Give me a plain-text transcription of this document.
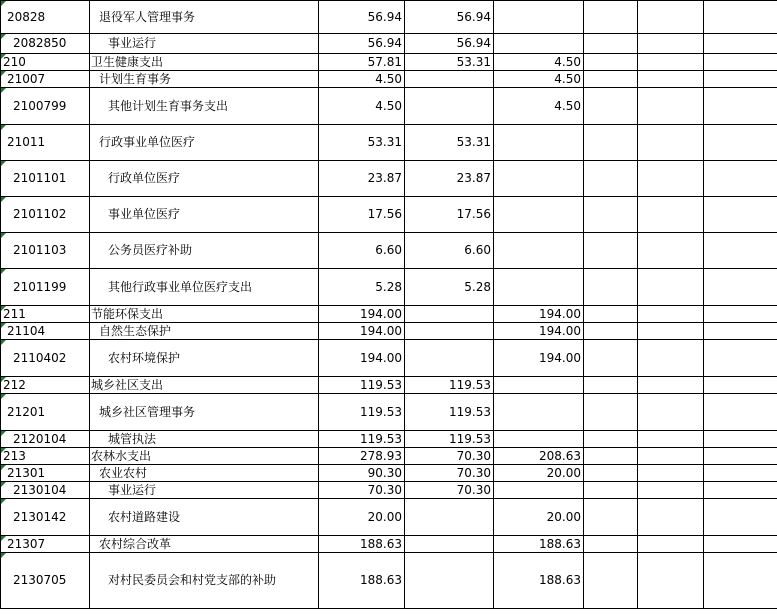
20828	退役军人管理事务	56.94	56.94				

2082850	事业运行	56.94	56.94				

210	卫生健康支出	57.81	53.31	4.50			

21007	计划生育事务	4.50		4.50			

2100799	其他计划生育事务支出	4.50		4.50			

21011	行政事业单位医疗	53.31	53.31				

2101101	行政单位医疗	23.87	23.87				

2101102	事业单位医疗	17.56	17.56				

2101103	公务员医疗补助	6.60	6.60				

2101199	其他行政事业单位医疗支出	5.28	5.28				

211	节能环保支出	194.00		194.00			

21104	自然生态保护	194.00		194.00			

2110402	农村环境保护	194.00		194.00			

212	城乡社区支出	119.53	119.53				

21201	城乡社区管理事务	119.53	119.53				

2120104	城管执法	119.53	119.53				

213	农林水支出	278.93	70.30	208.63			

21301	农业农村	90.30	70.30	20.00			

2130104	事业运行	70.30	70.30				

2130142	农村道路建设	20.00		20.00			

21307	农村综合改革	188.63		188.63			

2130705	对村民委员会和村党支部的补助	188.63		188.63			
